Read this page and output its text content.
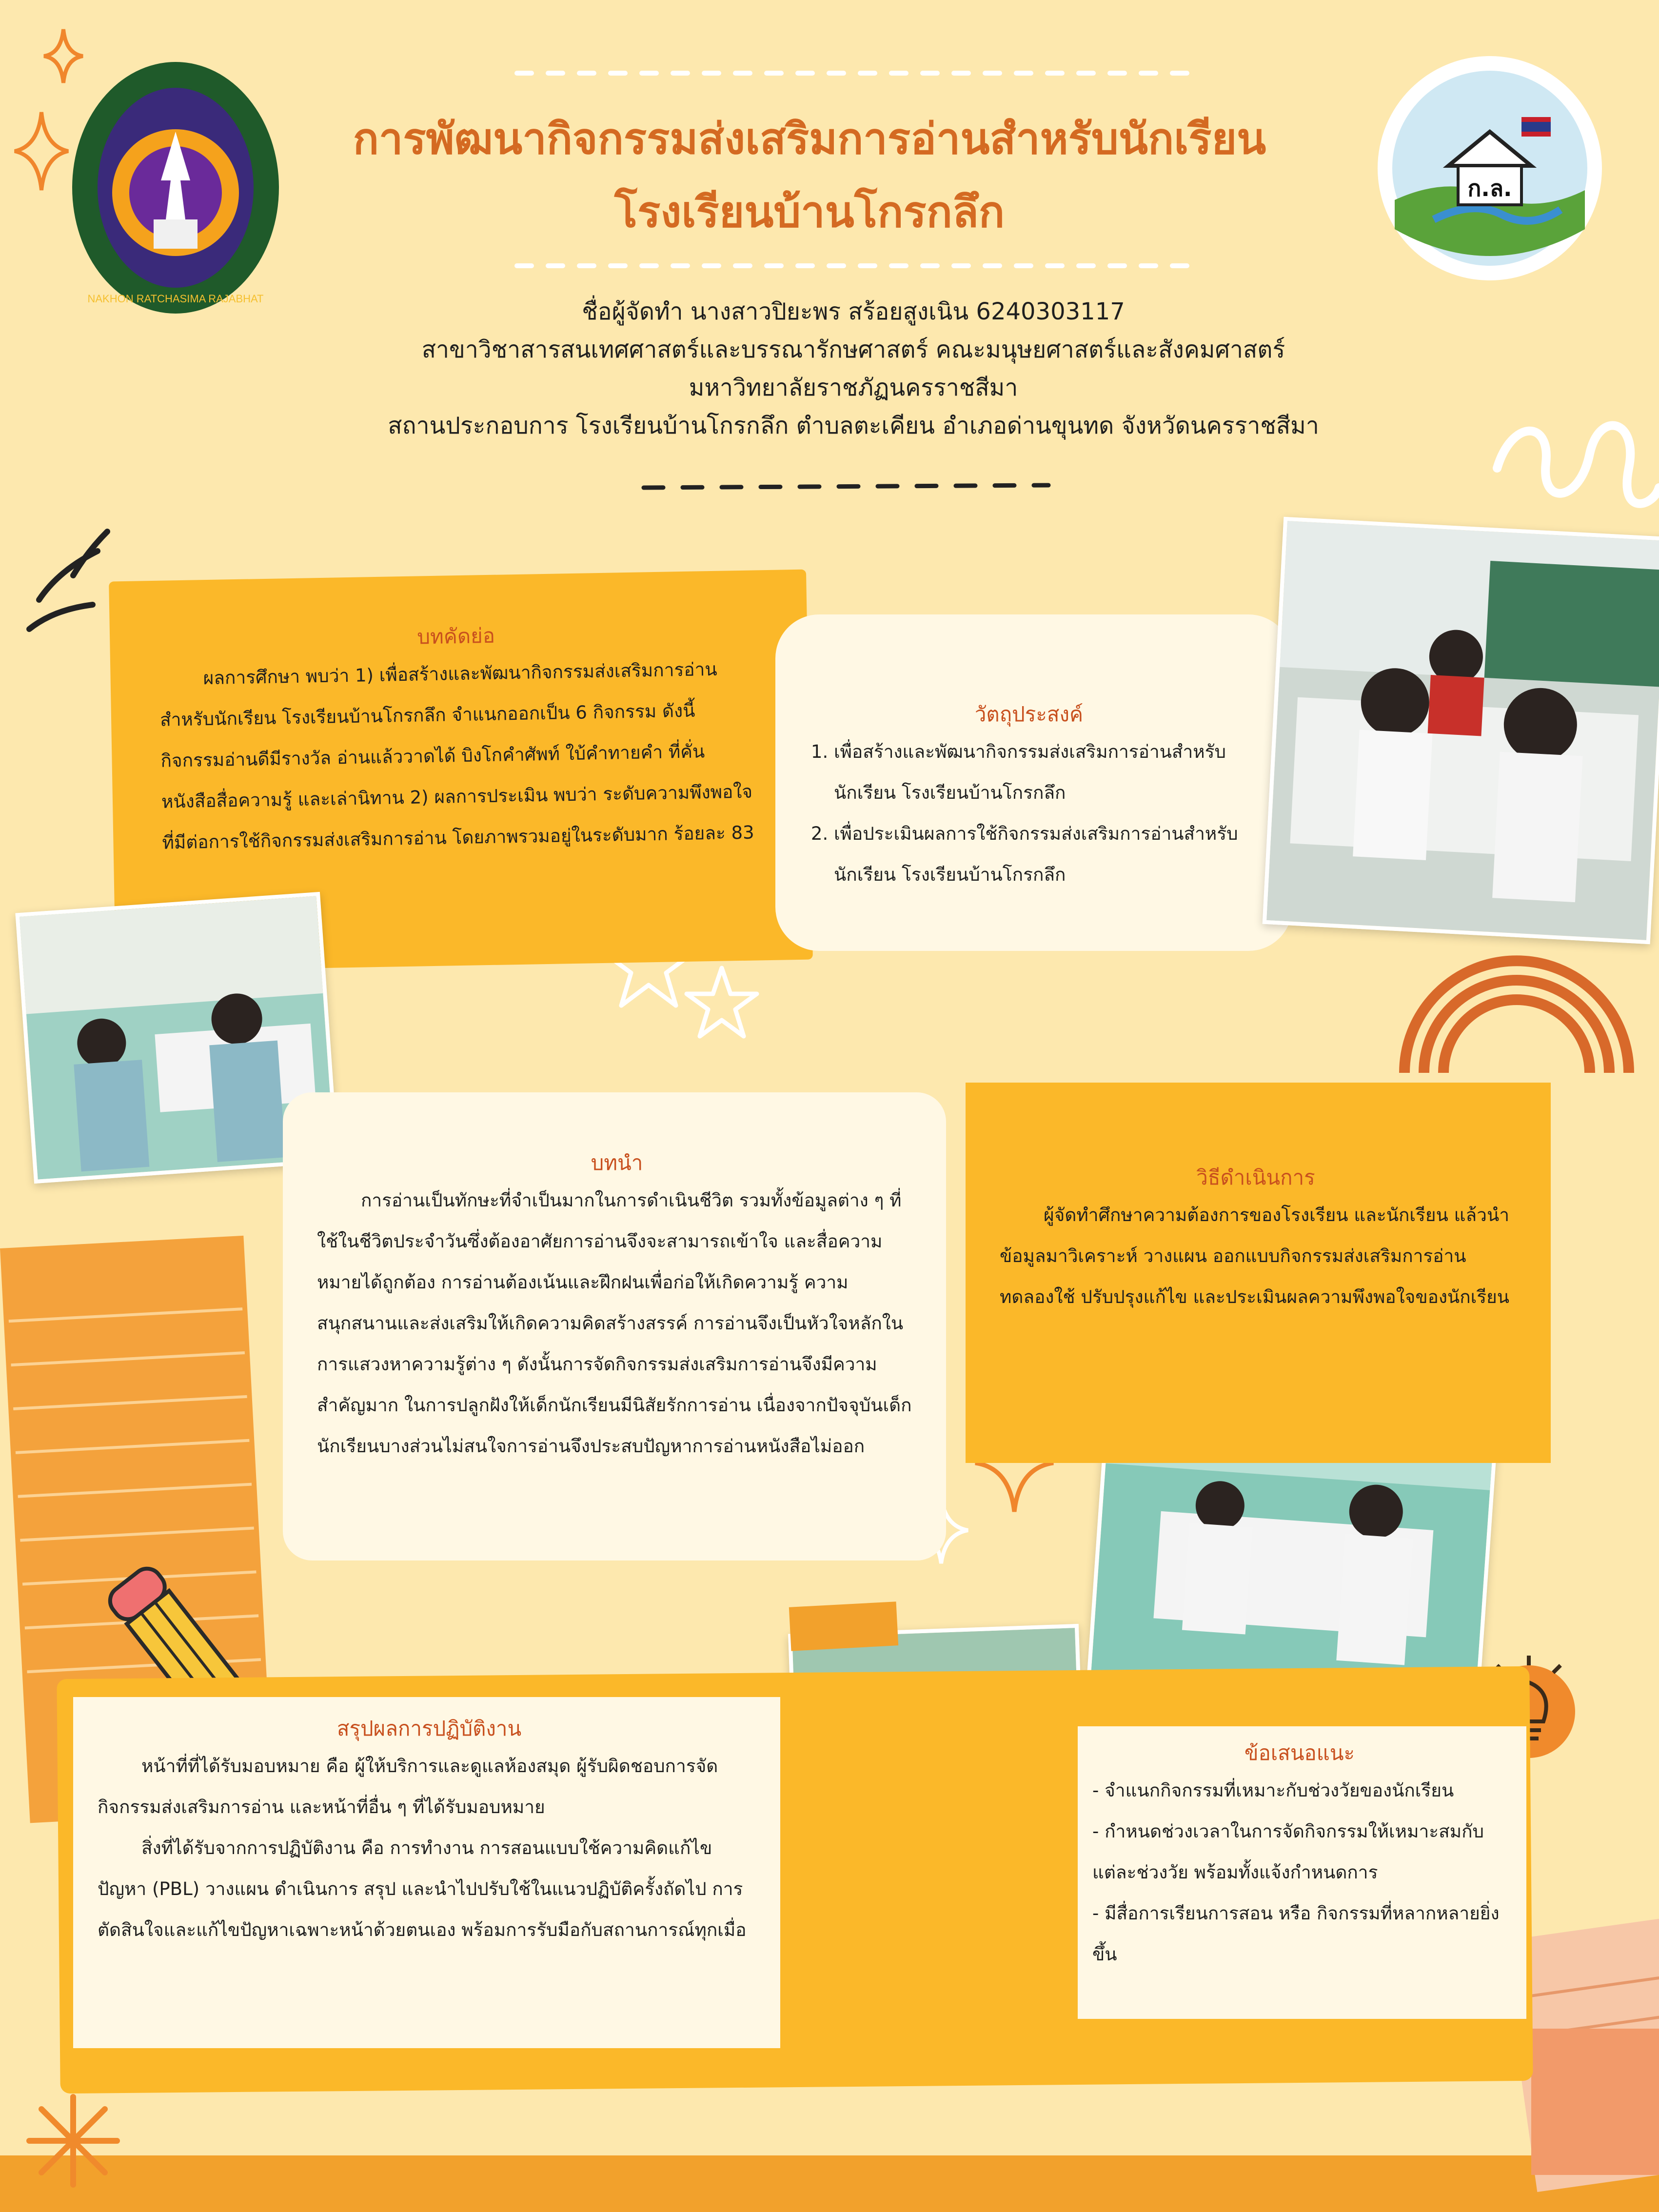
NAKHON RATCHASIMA RAJABHAT
ก.ล.
การพัฒนากิจกรรมส่งเสริมการอ่านสำหรับนักเรียน
โรงเรียนบ้านโกรกลึก
ชื่อผู้จัดทำ นางสาวปิยะพร สร้อยสูงเนิน 6240303117
สาขาวิชาสารสนเทศศาสตร์และบรรณารักษศาสตร์ คณะมนุษยศาสตร์และสังคมศาสตร์
มหาวิทยาลัยราชภัฏนครราชสีมา
สถานประกอบการ โรงเรียนบ้านโกรกลึก ตำบลตะเคียน อำเภอด่านขุนทด จังหวัดนครราชสีมา
บทคัดย่อ

ผลการศึกษา พบว่า 1) เพื่อสร้างและพัฒนากิจกรรมส่งเสริมการอ่านสำหรับนักเรียน โรงเรียนบ้านโกรกลึก จำแนกออกเป็น 6 กิจกรรม ดังนี้ กิจกรรมอ่านดีมีรางวัล อ่านแล้ววาดได้ บิงโกคำศัพท์ ใบ้คำทายคำ ที่คั่นหนังสือสื่อความรู้ และเล่านิทาน 2) ผลการประเมิน พบว่า ระดับความพึงพอใจที่มีต่อการใช้กิจกรรมส่งเสริมการอ่าน โดยภาพรวมอยู่ในระดับมาก ร้อยละ 83

วัตถุประสงค์
1. เพื่อสร้างและพัฒนากิจกรรมส่งเสริมการอ่านสำหรับนักเรียน โรงเรียนบ้านโกรกลึก
2. เพื่อประเมินผลการใช้กิจกรรมส่งเสริมการอ่านสำหรับนักเรียน โรงเรียนบ้านโกรกลึก
บทนำ

การอ่านเป็นทักษะที่จำเป็นมากในการดำเนินชีวิต รวมทั้งข้อมูลต่าง ๆ ที่ใช้ในชีวิตประจำวันซึ่งต้องอาศัยการอ่านจึงจะสามารถเข้าใจ และสื่อความหมายได้ถูกต้อง การอ่านต้องเน้นและฝึกฝนเพื่อก่อให้เกิดความรู้ ความสนุกสนานและส่งเสริมให้เกิดความคิดสร้างสรรค์ การอ่านจึงเป็นหัวใจหลักในการแสวงหาความรู้ต่าง ๆ ดังนั้นการจัดกิจกรรมส่งเสริมการอ่านจึงมีความสำคัญมาก ในการปลูกฝังให้เด็กนักเรียนมีนิสัยรักการอ่าน เนื่องจากปัจจุบันเด็กนักเรียนบางส่วนไม่สนใจการอ่านจึงประสบปัญหาการอ่านหนังสือไม่ออก

วิธีดำเนินการ

ผู้จัดทำศึกษาความต้องการของโรงเรียน และนักเรียน แล้วนำข้อมูลมาวิเคราะห์ วางแผน ออกแบบกิจกรรมส่งเสริมการอ่าน ทดลองใช้ ปรับปรุงแก้ไข และประเมินผลความพึงพอใจของนักเรียน

สรุปผลการปฏิบัติงาน

หน้าที่ที่ได้รับมอบหมาย คือ ผู้ให้บริการและดูแลห้องสมุด ผู้รับผิดชอบการจัดกิจกรรมส่งเสริมการอ่าน และหน้าที่อื่น ๆ ที่ได้รับมอบหมาย

สิ่งที่ได้รับจากการปฏิบัติงาน คือ การทำงาน การสอนแบบใช้ความคิดแก้ไขปัญหา (PBL) วางแผน ดำเนินการ สรุป และนำไปปรับใช้ในแนวปฏิบัติครั้งถัดไป การตัดสินใจและแก้ไขปัญหาเฉพาะหน้าด้วยตนเอง พร้อมการรับมือกับสถานการณ์ทุกเมื่อ

ข้อเสนอแนะ
- จำแนกกิจกรรมที่เหมาะกับช่วงวัยของนักเรียน
- กำหนดช่วงเวลาในการจัดกิจกรรมให้เหมาะสมกับแต่ละช่วงวัย พร้อมทั้งแจ้งกำหนดการ
- มีสื่อการเรียนการสอน หรือ กิจกรรมที่หลากหลายยิ่งขึ้น
